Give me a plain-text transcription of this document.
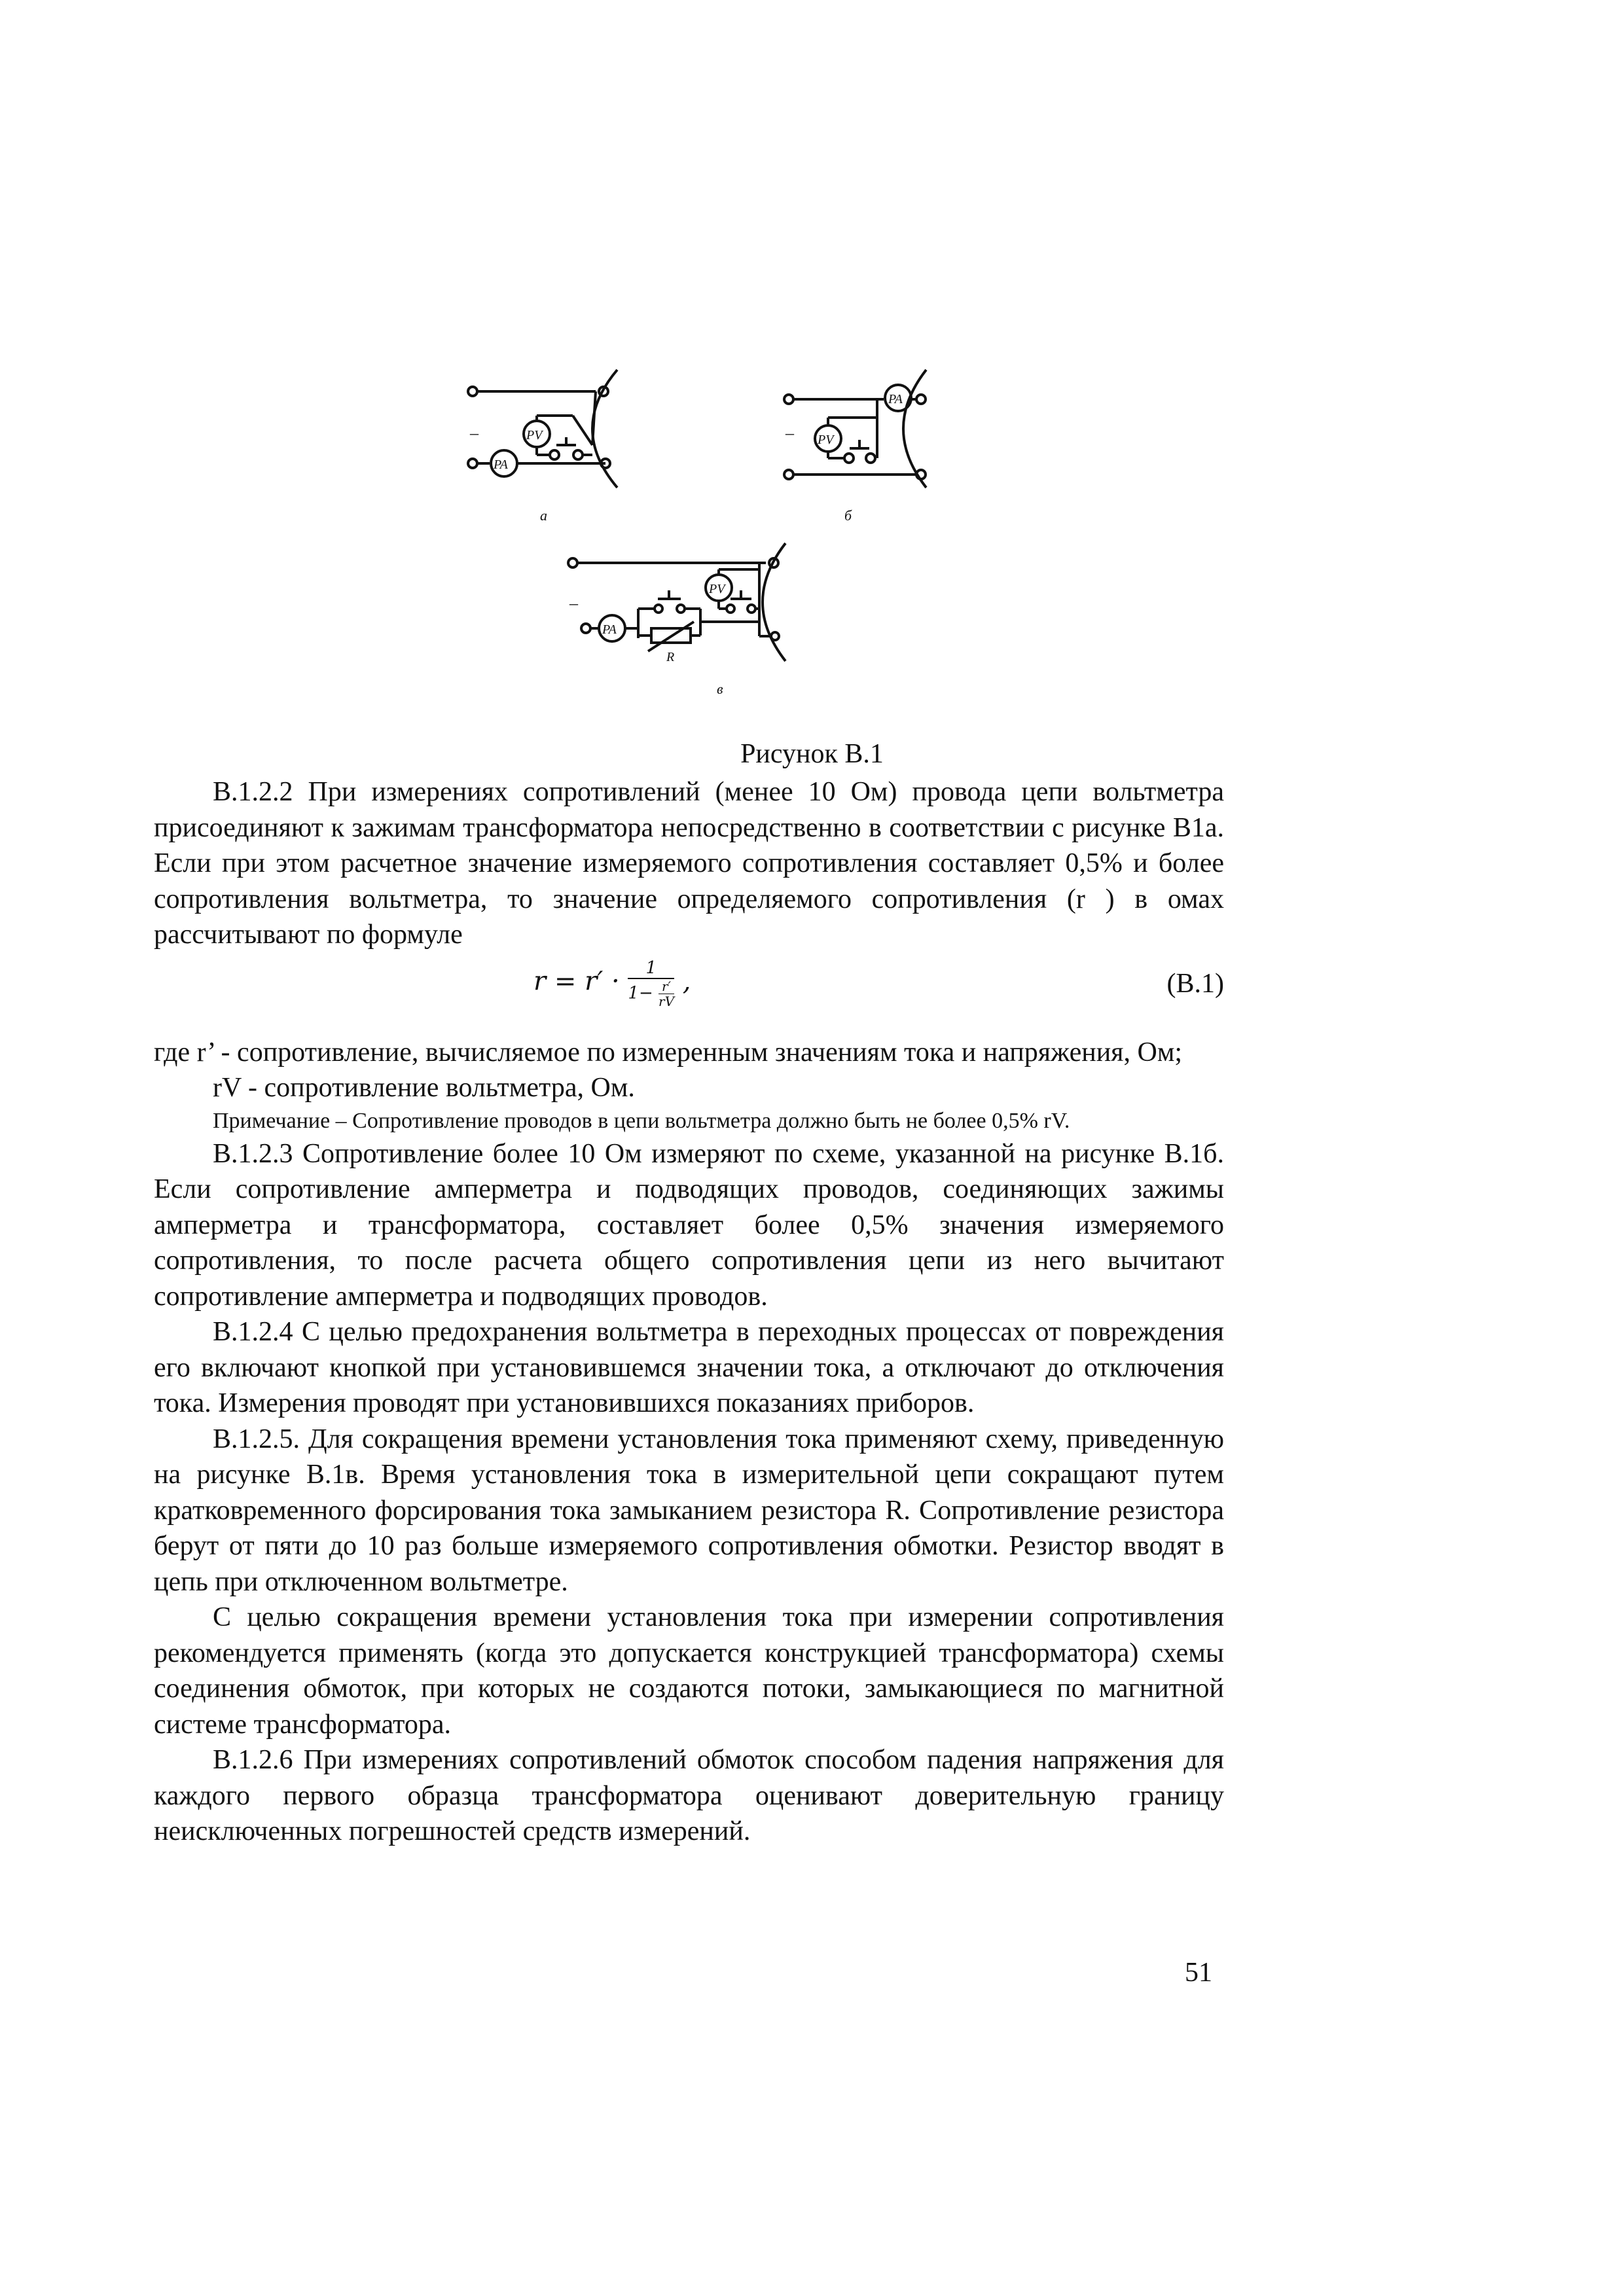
PA
–	PV
а
PA
– PV
б
–
PA
R
PV
в
Рисунок В.1

В.1.2.2 При измерениях сопротивлений (менее 10 Ом) провода цепи вольтметра присоединяют к зажимам трансформатора непосредственно в соответствии с рисунке В1а. Если при этом расчетное значение измеряемого сопротивления составляет 0,5% и более сопротивления вольтметра, то значение определяемого сопротивления (r ) в омах рассчитывают по формуле

$r = r' \cdot \frac{1}{1- \frac{r'}{rV}}$ ,	(В.1)

где r’ - сопротивление, вычисляемое по измеренным значениям тока и напряжения, Ом;

rV - сопротивление вольтметра, Ом.

Примечание – Сопротивление проводов в цепи вольтметра должно быть не более 0,5% rV.

В.1.2.3 Сопротивление более 10 Ом измеряют по схеме, указанной на рисунке В.1б. Если сопротивление амперметра и подводящих проводов, соединяющих зажимы амперметра и трансформатора, составляет более 0,5% значения измеряемого сопротивления, то после расчета общего сопротивления цепи из него вычитают сопротивление амперметра и подводящих проводов.

В.1.2.4 С целью предохранения вольтметра в переходных процессах от повреждения его включают кнопкой при установившемся значении тока, а отключают до отключения тока. Измерения проводят при установившихся показаниях приборов.

В.1.2.5. Для сокращения времени установления тока применяют схему, приведенную на рисунке В.1в. Время установления тока в измерительной цепи сокращают путем кратковременного форсирования тока замыканием резистора R. Сопротивление резистора берут от пяти до 10 раз больше измеряемого сопротивления обмотки. Резистор вводят в цепь при отключенном вольтметре.

С целью сокращения времени установления тока при измерении сопротивления рекомендуется применять (когда это допускается конструкцией трансформатора) схемы соединения обмоток, при которых не создаются потоки, замыкающиеся по магнитной системе трансформатора.

В.1.2.6 При измерениях сопротивлений обмоток способом падения напряжения для каждого первого образца трансформатора оценивают доверительную границу неисключенных погрешностей средств измерений.

51
